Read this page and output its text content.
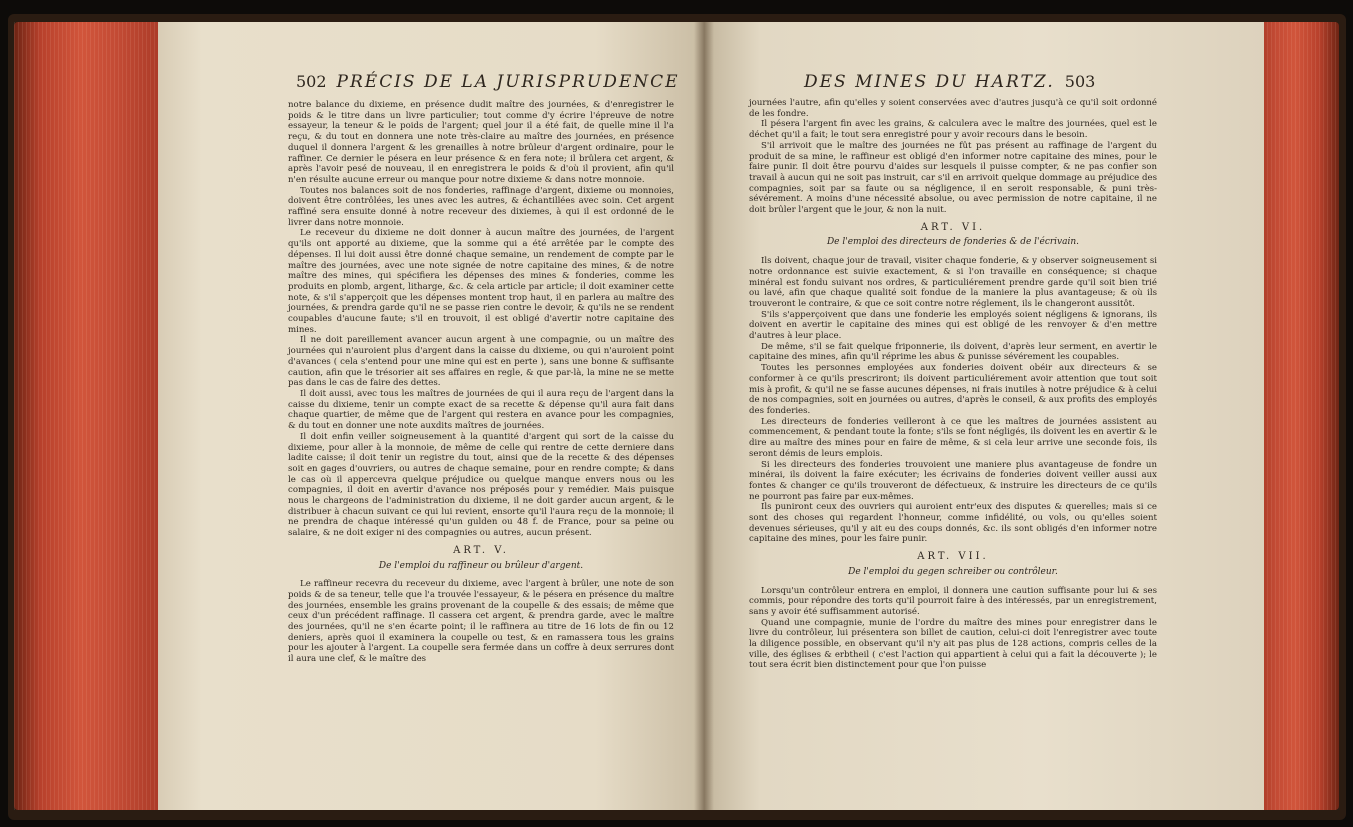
502 PRÉCIS DE LA JURISPRUDENCE

notre balance du dixieme, en présence dudit maître des journées, & d'enregistrer le poids & le titre dans un livre particulier; tout comme d'y écrire l'épreuve de notre essayeur, la teneur & le poids de l'argent; quel jour il a été fait, de quelle mine il l'a reçu, & du tout en donnera une note très-claire au maître des journées, en présence duquel il donnera l'argent & les grenailles à notre brûleur d'argent ordinaire, pour le raffiner. Ce dernier le pésera en leur présence & en fera note; il brûlera cet argent, & après l'avoir pesé de nouveau, il en enregistrera le poids & d'où il provient, afin qu'il n'en résulte aucune erreur ou manque pour notre dixieme & dans notre monnoie.

Toutes nos balances soit de nos fonderies, raffinage d'argent, dixieme ou monnoies, doivent être contrôlées, les unes avec les autres, & échantillées avec soin. Cet argent raffiné sera ensuite donné à notre receveur des dixiemes, à qui il est ordonné de le livrer dans notre monnoie.

Le receveur du dixieme ne doit donner à aucun maître des journées, de l'argent qu'ils ont apporté au dixieme, que la somme qui a été arrêtée par le compte des dépenses. Il lui doit aussi être donné chaque semaine, un rendement de compte par le maître des journées, avec une note signée de notre capitaine des mines, & de notre maître des mines, qui spécifiera les dépenses des mines & fonderies, comme les produits en plomb, argent, litharge, &c. & cela article par article; il doit examiner cette note, & s'il s'apperçoit que les dépenses montent trop haut, il en parlera au maître des journées, & prendra garde qu'il ne se passe rien contre le devoir, & qu'ils ne se rendent coupables d'aucune faute; s'il en trouvoit, il est obligé d'avertir notre capitaine des mines.

Il ne doit pareillement avancer aucun argent à une compagnie, ou un maître des journées qui n'auroient plus d'argent dans la caisse du dixieme, ou qui n'auroient point d'avances ( cela s'entend pour une mine qui est en perte ), sans une bonne & suffisante caution, afin que le trésorier ait ses affaires en regle, & que par-là, la mine ne se mette pas dans le cas de faire des dettes.

Il doit aussi, avec tous les maîtres de journées de qui il aura reçu de l'argent dans la caisse du dixieme, tenir un compte exact de sa recette & dépense qu'il aura fait dans chaque quartier, de même que de l'argent qui restera en avance pour les compagnies, & du tout en donner une note auxdits maîtres de journées.

Il doit enfin veiller soigneusement à la quantité d'argent qui sort de la caisse du dixieme, pour aller à la monnoie, de même de celle qui rentre de cette derniere dans ladite caisse; il doit tenir un registre du tout, ainsi que de la recette & des dépenses soit en gages d'ouvriers, ou autres de chaque semaine, pour en rendre compte; & dans le cas où il appercevra quelque préjudice ou quelque manque envers nous ou les compagnies, il doit en avertir d'avance nos préposés pour y remédier. Mais puisque nous le chargeons de l'administration du dixieme, il ne doit garder aucun argent, & le distribuer à chacun suivant ce qui lui revient, ensorte qu'il l'aura reçu de la monnoie; il ne prendra de chaque intéressé qu'un gulden ou 48 f. de France, pour sa peine ou salaire, & ne doit exiger ni des compagnies ou autres, aucun présent.

ART. V.
De l'emploi du raffineur ou brûleur d'argent.

Le raffineur recevra du receveur du dixieme, avec l'argent à brûler, une note de son poids & de sa teneur, telle que l'a trouvée l'essayeur, & le pésera en présence du maître des journées, ensemble les grains provenant de la coupelle & des essais; de même que ceux d'un précédent raffinage. Il cassera cet argent, & prendra garde, avec le maître des journées, qu'il ne s'en écarte point; il le raffinera au titre de 16 lots de fin ou 12 deniers, après quoi il examinera la coupelle ou test, & en ramassera tous les grains pour les ajouter à l'argent. La coupelle sera fermée dans un coffre à deux serrures dont il aura une clef, & le maître des

DES MINES DU HARTZ. 503

journées l'autre, afin qu'elles y soient conservées avec d'autres jusqu'à ce qu'il soit ordonné de les fondre.

Il pésera l'argent fin avec les grains, & calculera avec le maître des journées, quel est le déchet qu'il a fait; le tout sera enregistré pour y avoir recours dans le besoin.

S'il arrivoit que le maître des journées ne fût pas présent au raffinage de l'argent du produit de sa mine, le raffineur est obligé d'en informer notre capitaine des mines, pour le faire punir. Il doit être pourvu d'aides sur lesquels il puisse compter, & ne pas confier son travail à aucun qui ne soit pas instruit, car s'il en arrivoit quelque dommage au préjudice des compagnies, soit par sa faute ou sa négligence, il en seroit responsable, & puni très-sévérement. A moins d'une nécessité absolue, ou avec permission de notre capitaine, il ne doit brûler l'argent que le jour, & non la nuit.

ART. VI.
De l'emploi des directeurs de fonderies & de l'écrivain.

Ils doivent, chaque jour de travail, visiter chaque fonderie, & y observer soigneusement si notre ordonnance est suivie exactement, & si l'on travaille en conséquence; si chaque minéral est fondu suivant nos ordres, & particuliérement prendre garde qu'il soit bien trié ou lavé, afin que chaque qualité soit fondue de la maniere la plus avantageuse; & où ils trouveront le contraire, & que ce soit contre notre réglement, ils le changeront aussitôt.

S'ils s'apperçoivent que dans une fonderie les employés soient négligens & ignorans, ils doivent en avertir le capitaine des mines qui est obligé de les renvoyer & d'en mettre d'autres à leur place.

De même, s'il se fait quelque friponnerie, ils doivent, d'après leur serment, en avertir le capitaine des mines, afin qu'il réprime les abus & punisse sévérement les coupables.

Toutes les personnes employées aux fonderies doivent obéir aux directeurs & se conformer à ce qu'ils prescriront; ils doivent particuliérement avoir attention que tout soit mis à profit, & qu'il ne se fasse aucunes dépenses, ni frais inutiles à notre préjudice & à celui de nos compagnies, soit en journées ou autres, d'après le conseil, & aux profits des employés des fonderies.

Les directeurs de fonderies veilleront à ce que les maîtres de journées assistent au commencement, & pendant toute la fonte; s'ils se font négligés, ils doivent les en avertir & le dire au maître des mines pour en faire de même, & si cela leur arrive une seconde fois, ils seront démis de leurs emplois.

Si les directeurs des fonderies trouvoient une maniere plus avantageuse de fondre un minérai, ils doivent la faire exécuter; les écrivains de fonderies doivent veiller aussi aux fontes & changer ce qu'ils trouveront de défectueux, & instruire les directeurs de ce qu'ils ne pourront pas faire par eux-mêmes.

Ils puniront ceux des ouvriers qui auroient entr'eux des disputes & querelles; mais si ce sont des choses qui regardent l'honneur, comme infidélité, ou vols, ou qu'elles soient devenues sérieuses, qu'il y ait eu des coups donnés, &c. ils sont obligés d'en informer notre capitaine des mines, pour les faire punir.

ART. VII.
De l'emploi du gegen schreiber ou contrôleur.

Lorsqu'un contrôleur entrera en emploi, il donnera une caution suffisante pour lui & ses commis, pour répondre des torts qu'il pourroit faire à des intéressés, par un enregistrement, sans y avoir été suffisamment autorisé.

Quand une compagnie, munie de l'ordre du maître des mines pour enregistrer dans le livre du contrôleur, lui présentera son billet de caution, celui-ci doit l'enregistrer avec toute la diligence possible, en observant qu'il n'y ait pas plus de 128 actions, compris celles de la ville, des églises & erbtheil ( c'est l'action qui appartient à celui qui a fait la découverte ); le tout sera écrit bien distinctement pour que l'on puisse
